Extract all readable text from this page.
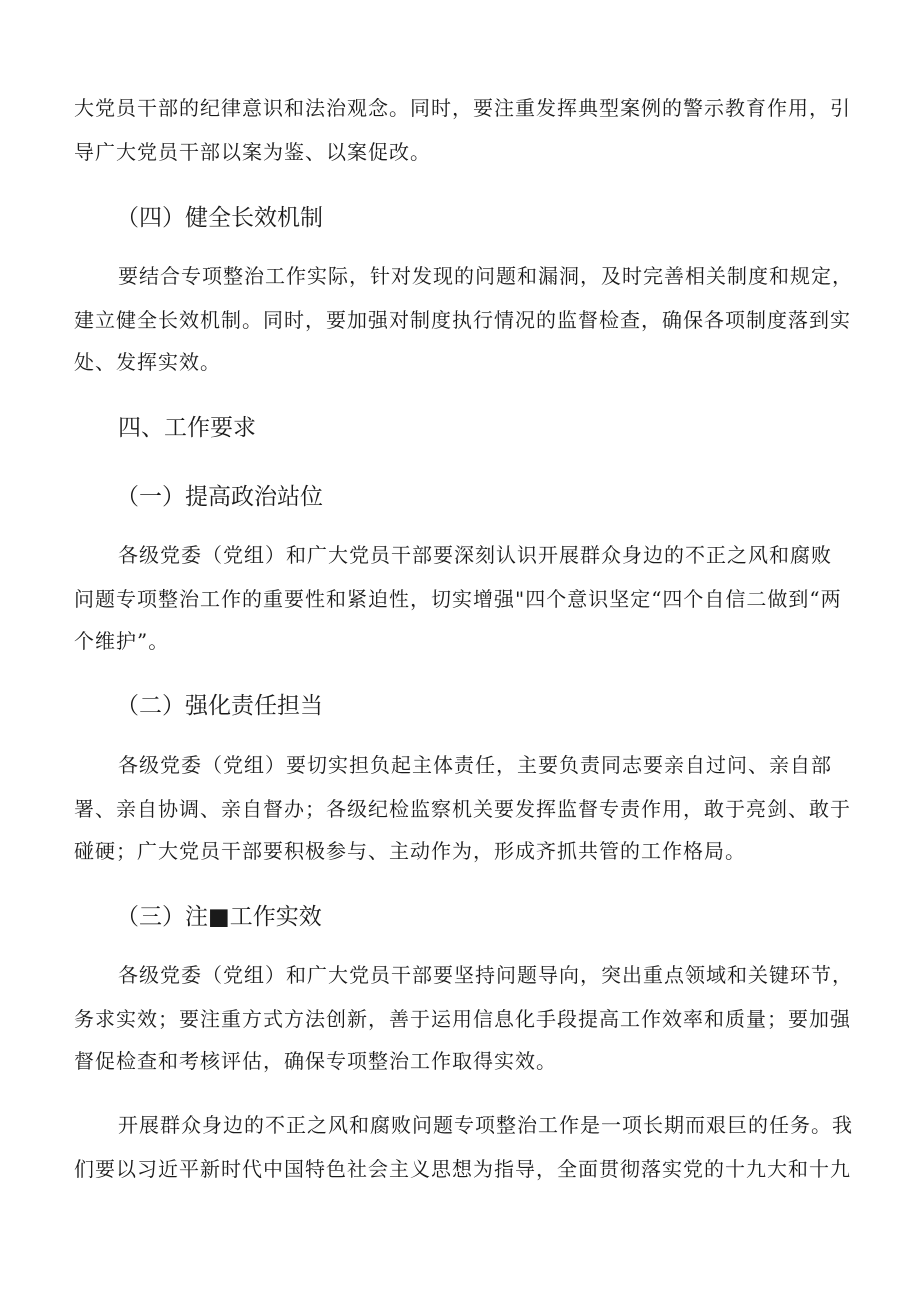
大党员干部的纪律意识和法治观念。同时，要注重发挥典型案例的警示教育作用，引
导广大党员干部以案为鉴、以案促改。
（四）健全长效机制
要结合专项整治工作实际，针对发现的问题和漏洞，及时完善相关制度和规定，
建立健全长效机制。同时，要加强对制度执行情况的监督检查，确保各项制度落到实
处、发挥实效。
四、工作要求
（一）提高政治站位
各级党委（党组）和广大党员干部要深刻认识开展群众身边的不正之风和腐败
问题专项整治工作的重要性和紧迫性，切实增强"四个意识坚定“四个自信二做到“两
个维护”。
（二）强化责任担当
各级党委（党组）要切实担负起主体责任，主要负责同志要亲自过问、亲自部
署、亲自协调、亲自督办；各级纪检监察机关要发挥监督专责作用，敢于亮剑、敢于
碰硬；广大党员干部要积极参与、主动作为，形成齐抓共管的工作格局。
（三）注■工作实效
各级党委（党组）和广大党员干部要坚持问题导向，突出重点领域和关键环节，
务求实效；要注重方式方法创新，善于运用信息化手段提高工作效率和质量；要加强
督促检查和考核评估，确保专项整治工作取得实效。
开展群众身边的不正之风和腐败问题专项整治工作是一项长期而艰巨的任务。我
们要以习近平新时代中国特色社会主义思想为指导，全面贯彻落实党的十九大和十九
